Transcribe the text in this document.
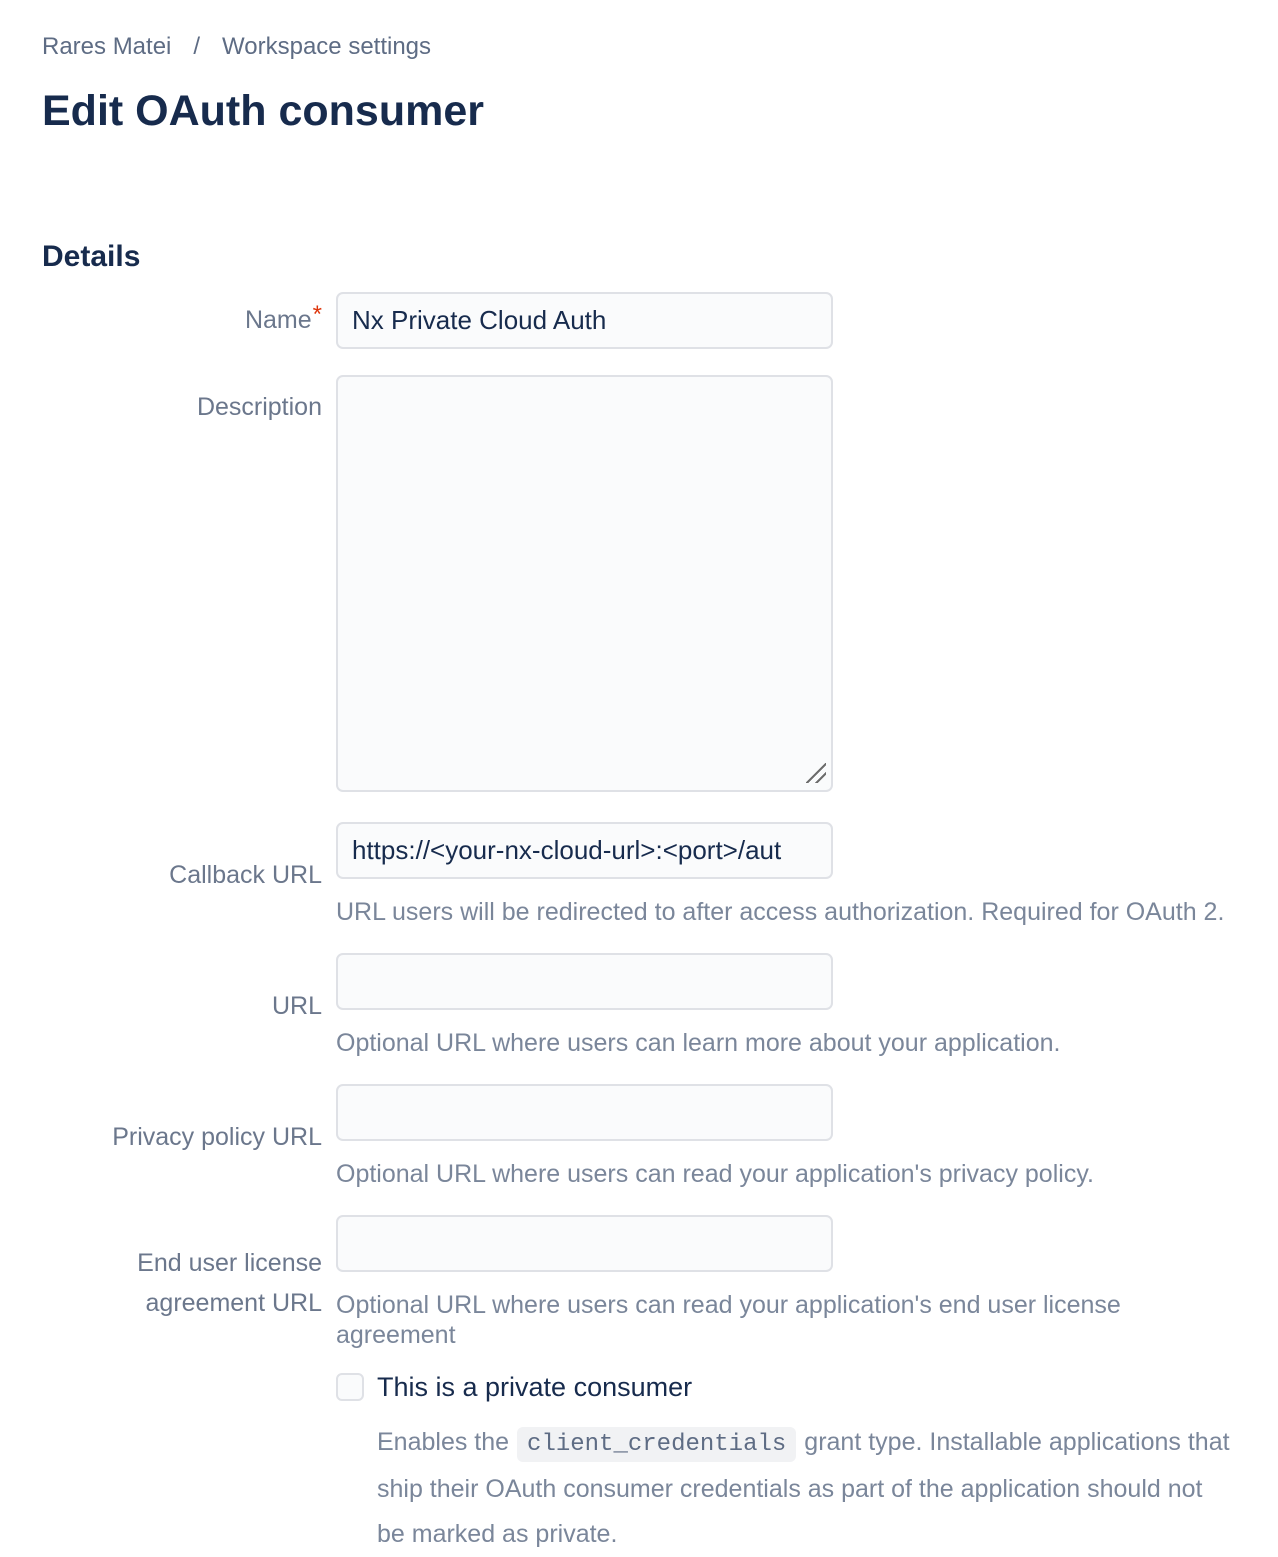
Rares Matei / Workspace settings
Edit OAuth consumer
Details
Name*
Nx Private Cloud Auth
Description
Callback URL
https://<your-nx-cloud-url>:<port>/aut
URL users will be redirected to after access authorization. Required for OAuth 2.
URL
Optional URL where users can learn more about your application.
Privacy policy URL
Optional URL where users can read your application's privacy policy.
End user license agreement URL Optional URL where users can read your application's end user license agreement
This is a private consumer

Enables the client_credentials grant type. Installable applications that ship their OAuth consumer credentials as part of the application should not be marked as private.
